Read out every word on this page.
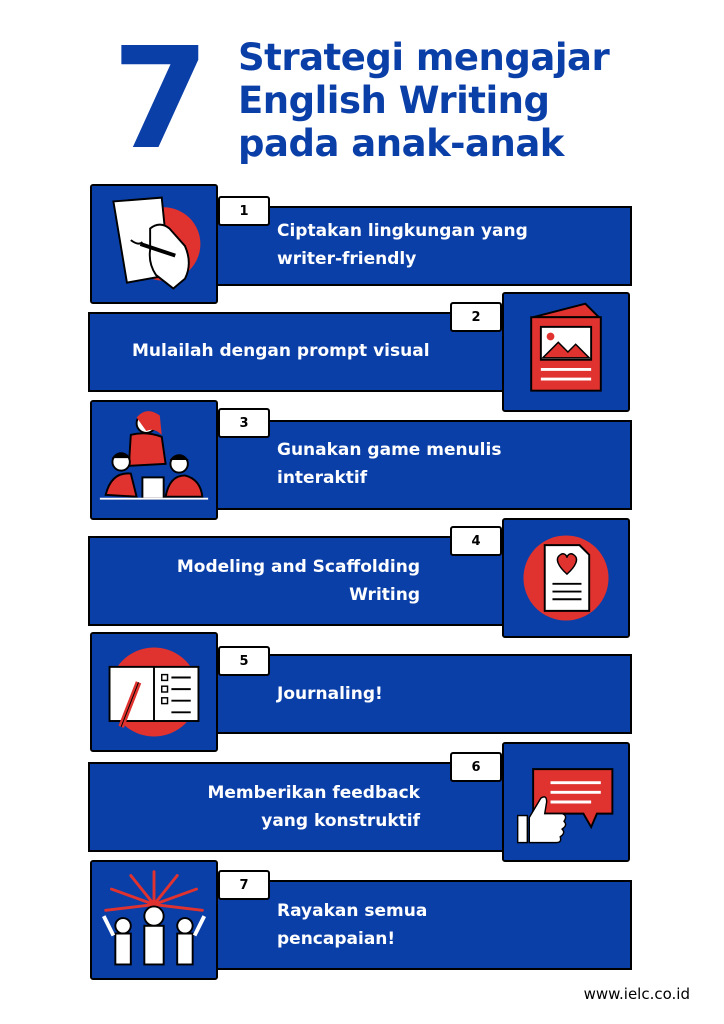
7 Strategi mengajar
English Writing
pada anak-anak
1
Ciptakan lingkungan yang
writer-friendly
2
Mulailah dengan prompt visual
3
Gunakan game menulis
interaktif
4
Modeling and Scaffolding
Writing
5
Journaling!
6
Memberikan feedback
yang konstruktif
7
Rayakan semua
pencapaian!
www.ielc.co.id
